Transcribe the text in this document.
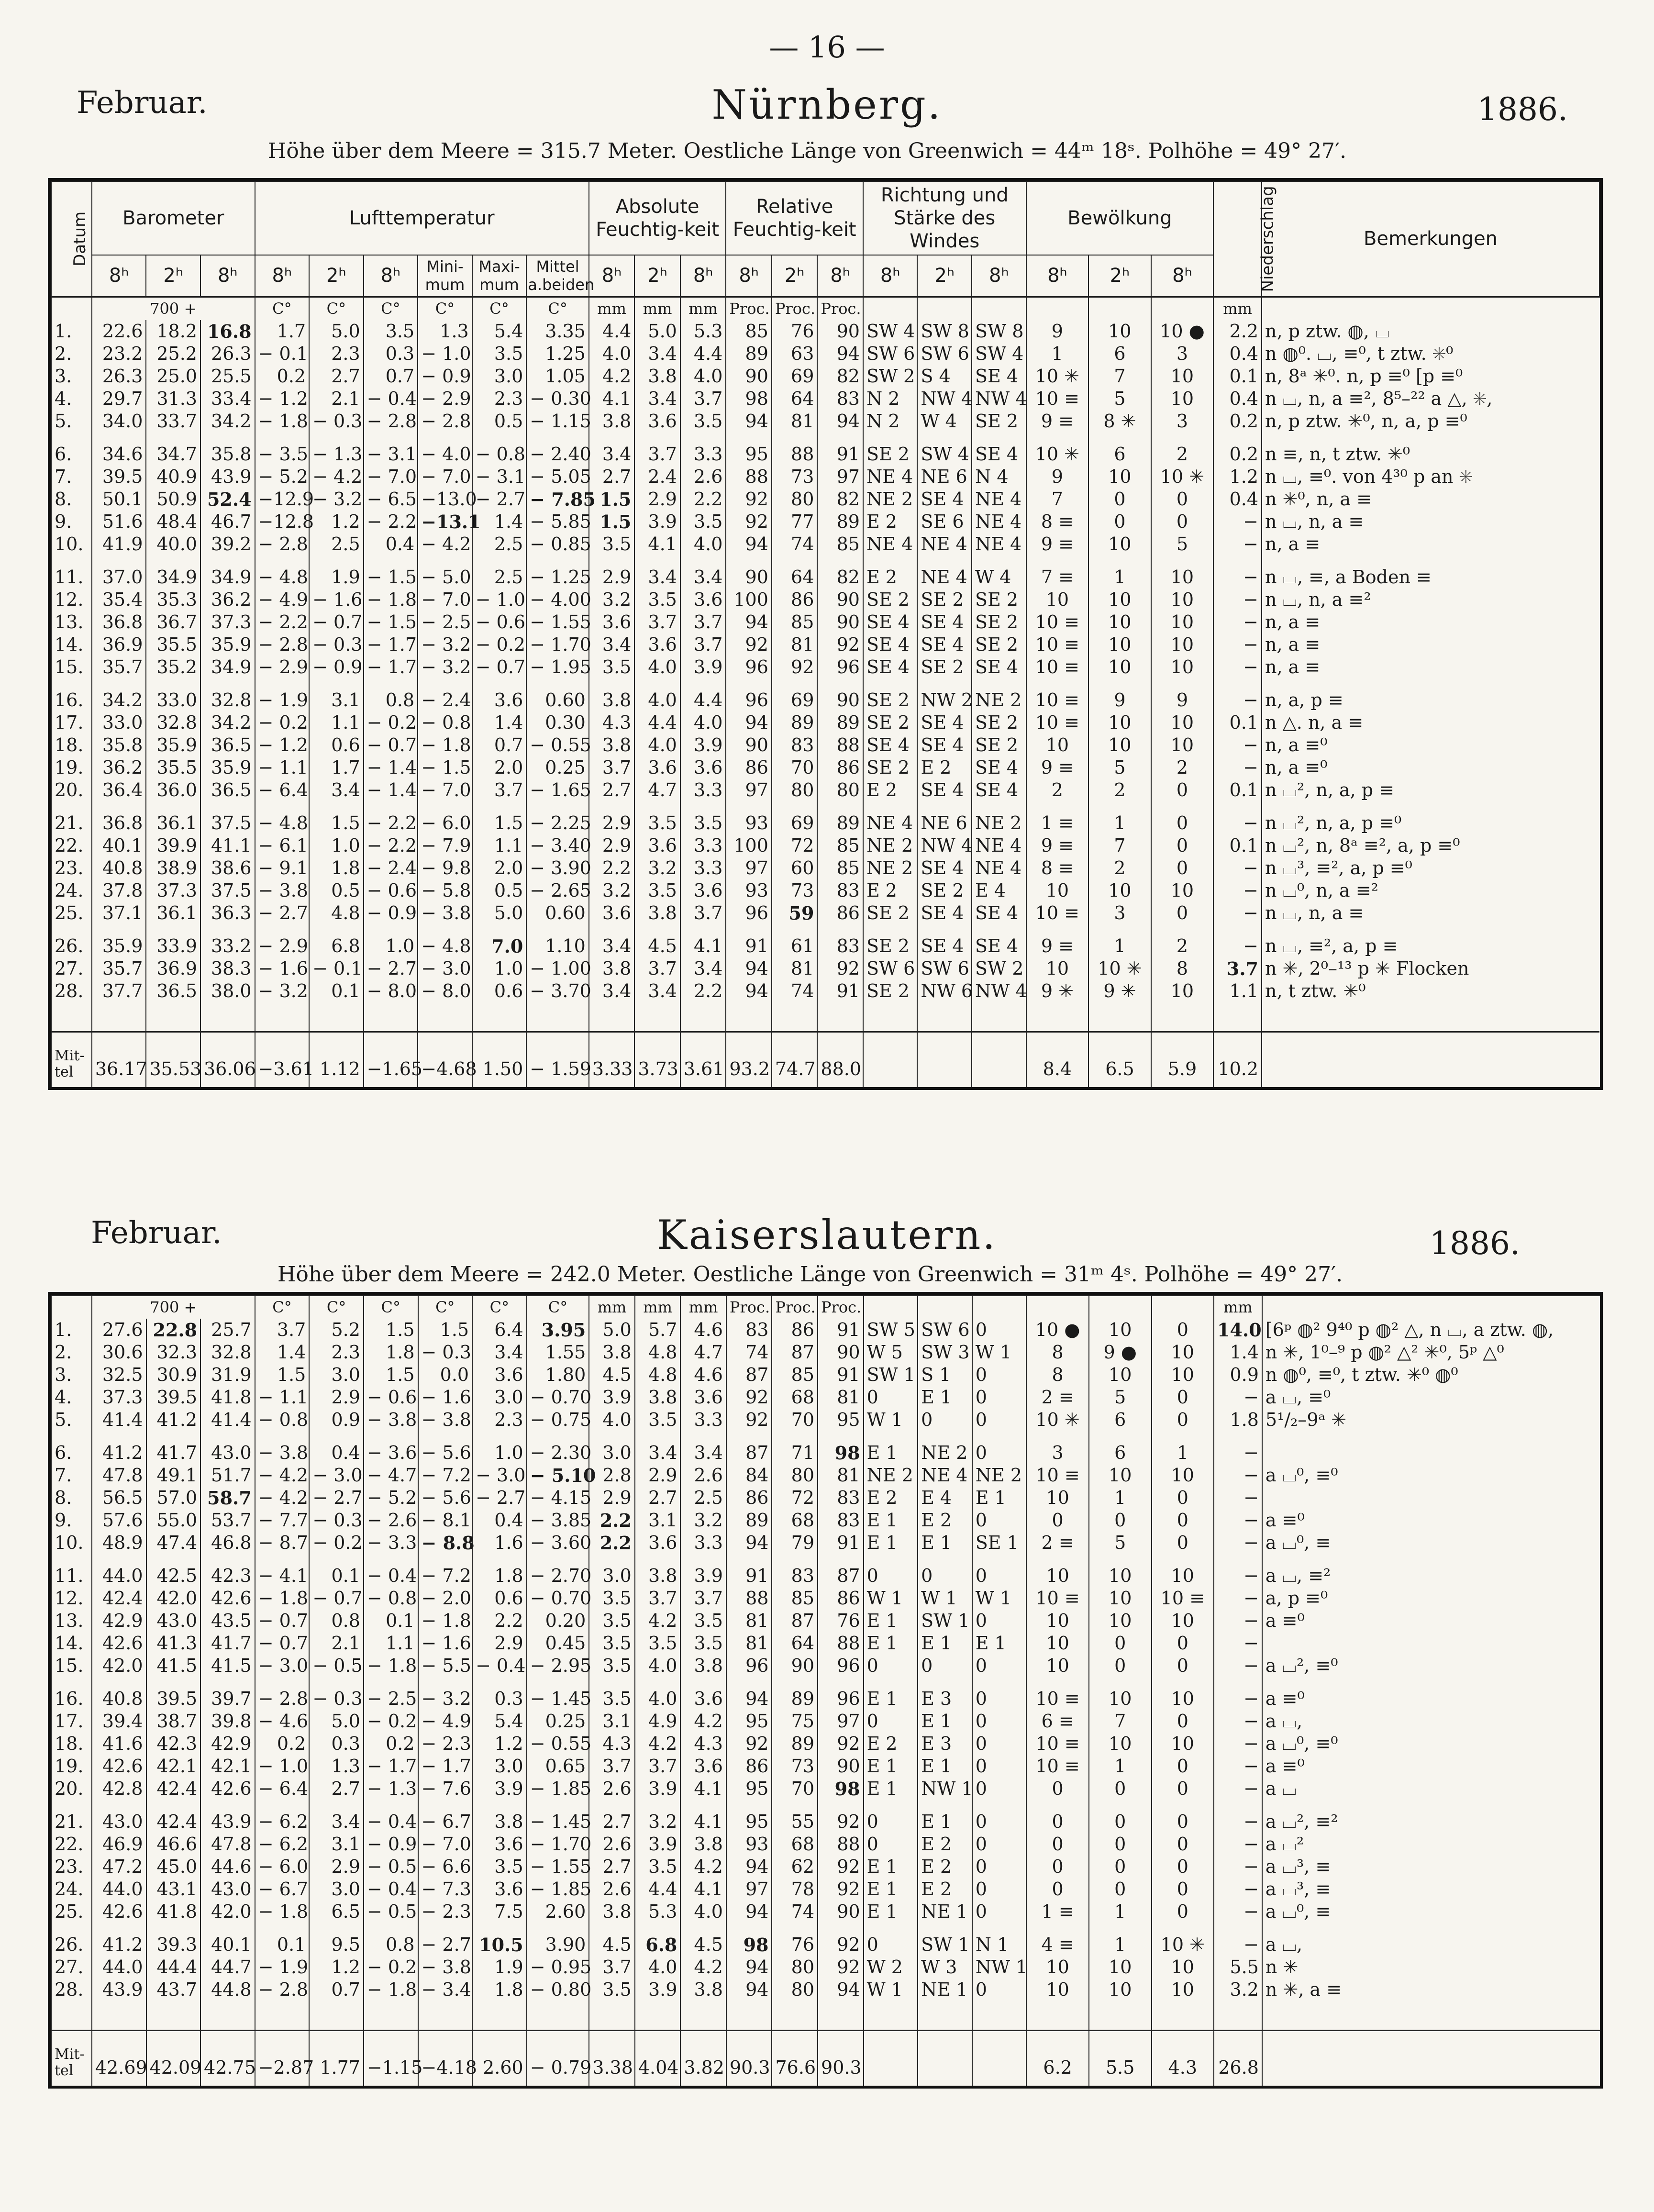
— 16 —
Februar.	Nürnberg.	1886.
Höhe über dem Meere = 315.7 Meter. Oestliche Länge von Greenwich = 44ᵐ 18ˢ. Polhöhe = 49° 27′.
Datum	Barometer			Lufttemperatur						Absolute Feuchtig-keit			Relative Feuchtig-keit			Richtung und Stärke des Windes			Bewölkung			Niederschlag	Bemerkungen
	8ʰ	2ʰ	8ʰ	8ʰ	2ʰ	8ʰ	Mini-mum	Maxi-mum	Mittel a.beiden	8ʰ	2ʰ	8ʰ	8ʰ	2ʰ	8ʰ	8ʰ	2ʰ	8ʰ	8ʰ	2ʰ	8ʰ		
	700 +			C°	C°	C°	C°	C°	C°	mm	mm	mm	Proc.	Proc.	Proc.							mm	
1.	22.6	18.2	16.8	1.7	5.0	3.5	1.3	5.4	3.35	4.4	5.0	5.3	85	76	90	SW 4	SW 8	SW 8	9	10	10 ●	2.2	n, p ztw. ◍, ⌴
2.	23.2	25.2	26.3	− 0.1	2.3	0.3	− 1.0	3.5	1.25	4.0	3.4	4.4	89	63	94	SW 6	SW 6	SW 4	1	6	3	0.4	n ◍⁰. ⌴, ≡⁰, t ztw. ✳⁰
3.	26.3	25.0	25.5	0.2	2.7	0.7	− 0.9	3.0	1.05	4.2	3.8	4.0	90	69	82	SW 2	S 4	SE 4	10 ✳	7	10	0.1	n, 8ᵃ ✳⁰. n, p ≡⁰ [p ≡⁰
4.	29.7	31.3	33.4	− 1.2	2.1	− 0.4	− 2.9	2.3	− 0.30	4.1	3.4	3.7	98	64	83	N 2	NW 4	NW 4	10 ≡	5	10	0.4	n ⌴, n, a ≡², 8⁵–²² a △, ✳,
5.	34.0	33.7	34.2	− 1.8	− 0.3	− 2.8	− 2.8	0.5	− 1.15	3.8	3.6	3.5	94	81	94	N 2	W 4	SE 2	9 ≡	8 ✳	3	0.2	n, p ztw. ✳⁰, n, a, p ≡⁰
6.	34.6	34.7	35.8	− 3.5	− 1.3	− 3.1	− 4.0	− 0.8	− 2.40	3.4	3.7	3.3	95	88	91	SE 2	SW 4	SE 4	10 ✳	6	2	0.2	n ≡, n, t ztw. ✳⁰
7.	39.5	40.9	43.9	− 5.2	− 4.2	− 7.0	− 7.0	− 3.1	− 5.05	2.7	2.4	2.6	88	73	97	NE 4	NE 6	N 4	9	10	10 ✳	1.2	n ⌴, ≡⁰. von 4³⁰ p an ✳
8.	50.1	50.9	52.4	−12.9	− 3.2	− 6.5	−13.0	− 2.7	− 7.85	1.5	2.9	2.2	92	80	82	NE 2	SE 4	NE 4	7	0	0	0.4	n ✳⁰, n, a ≡
9.	51.6	48.4	46.7	−12.8	1.2	− 2.2	−13.1	1.4	− 5.85	1.5	3.9	3.5	92	77	89	E 2	SE 6	NE 4	8 ≡	0	0	−	n ⌴, n, a ≡
10.	41.9	40.0	39.2	− 2.8	2.5	0.4	− 4.2	2.5	− 0.85	3.5	4.1	4.0	94	74	85	NE 4	NE 4	NE 4	9 ≡	10	5	−	n, a ≡
11.	37.0	34.9	34.9	− 4.8	1.9	− 1.5	− 5.0	2.5	− 1.25	2.9	3.4	3.4	90	64	82	E 2	NE 4	W 4	7 ≡	1	10	−	n ⌴, ≡, a Boden ≡
12.	35.4	35.3	36.2	− 4.9	− 1.6	− 1.8	− 7.0	− 1.0	− 4.00	3.2	3.5	3.6	100	86	90	SE 2	SE 2	SE 2	10	10	10	−	n ⌴, n, a ≡²
13.	36.8	36.7	37.3	− 2.2	− 0.7	− 1.5	− 2.5	− 0.6	− 1.55	3.6	3.7	3.7	94	85	90	SE 4	SE 4	SE 2	10 ≡	10	10	−	n, a ≡
14.	36.9	35.5	35.9	− 2.8	− 0.3	− 1.7	− 3.2	− 0.2	− 1.70	3.4	3.6	3.7	92	81	92	SE 4	SE 4	SE 2	10 ≡	10	10	−	n, a ≡
15.	35.7	35.2	34.9	− 2.9	− 0.9	− 1.7	− 3.2	− 0.7	− 1.95	3.5	4.0	3.9	96	92	96	SE 4	SE 2	SE 4	10 ≡	10	10	−	n, a ≡
16.	34.2	33.0	32.8	− 1.9	3.1	0.8	− 2.4	3.6	0.60	3.8	4.0	4.4	96	69	90	SE 2	NW 2	NE 2	10 ≡	9	9	−	n, a, p ≡
17.	33.0	32.8	34.2	− 0.2	1.1	− 0.2	− 0.8	1.4	0.30	4.3	4.4	4.0	94	89	89	SE 2	SE 4	SE 2	10 ≡	10	10	0.1	n △. n, a ≡
18.	35.8	35.9	36.5	− 1.2	0.6	− 0.7	− 1.8	0.7	− 0.55	3.8	4.0	3.9	90	83	88	SE 4	SE 4	SE 2	10	10	10	−	n, a ≡⁰
19.	36.2	35.5	35.9	− 1.1	1.7	− 1.4	− 1.5	2.0	0.25	3.7	3.6	3.6	86	70	86	SE 2	E 2	SE 4	9 ≡	5	2	−	n, a ≡⁰
20.	36.4	36.0	36.5	− 6.4	3.4	− 1.4	− 7.0	3.7	− 1.65	2.7	4.7	3.3	97	80	80	E 2	SE 4	SE 4	2	2	0	0.1	n ⌴², n, a, p ≡
21.	36.8	36.1	37.5	− 4.8	1.5	− 2.2	− 6.0	1.5	− 2.25	2.9	3.5	3.5	93	69	89	NE 4	NE 6	NE 2	1 ≡	1	0	−	n ⌴², n, a, p ≡⁰
22.	40.1	39.9	41.1	− 6.1	1.0	− 2.2	− 7.9	1.1	− 3.40	2.9	3.6	3.3	100	72	85	NE 2	NW 4	NE 4	9 ≡	7	0	0.1	n ⌴², n, 8ᵃ ≡², a, p ≡⁰
23.	40.8	38.9	38.6	− 9.1	1.8	− 2.4	− 9.8	2.0	− 3.90	2.2	3.2	3.3	97	60	85	NE 2	SE 4	NE 4	8 ≡	2	0	−	n ⌴³, ≡², a, p ≡⁰
24.	37.8	37.3	37.5	− 3.8	0.5	− 0.6	− 5.8	0.5	− 2.65	3.2	3.5	3.6	93	73	83	E 2	SE 2	E 4	10	10	10	−	n ⌴⁰, n, a ≡²
25.	37.1	36.1	36.3	− 2.7	4.8	− 0.9	− 3.8	5.0	0.60	3.6	3.8	3.7	96	59	86	SE 2	SE 4	SE 4	10 ≡	3	0	−	n ⌴, n, a ≡
26.	35.9	33.9	33.2	− 2.9	6.8	1.0	− 4.8	7.0	1.10	3.4	4.5	4.1	91	61	83	SE 2	SE 4	SE 4	9 ≡	1	2	−	n ⌴, ≡², a, p ≡
27.	35.7	36.9	38.3	− 1.6	− 0.1	− 2.7	− 3.0	1.0	− 1.00	3.8	3.7	3.4	94	81	92	SW 6	SW 6	SW 2	10	10 ✳	8	3.7	n ✳, 2⁰–¹³ p ✳ Flocken
28.	37.7	36.5	38.0	− 3.2	0.1	− 8.0	− 8.0	0.6	− 3.70	3.4	3.4	2.2	94	74	91	SE 2	NW 6	NW 4	9 ✳	9 ✳	10	1.1	n, t ztw. ✳⁰

Mit-tel	36.17	35.53	36.06	−3.61	1.12	−1.65	−4.68	1.50	− 1.59	3.33	3.73	3.61	93.2	74.7	88.0				8.4	6.5	5.9	10.2	
Februar.	Kaiserslautern.	1886.
Höhe über dem Meere = 242.0 Meter. Oestliche Länge von Greenwich = 31ᵐ 4ˢ. Polhöhe = 49° 27′.
	700 +			C°	C°	C°	C°	C°	C°	mm	mm	mm	Proc.	Proc.	Proc.							mm	
1.	27.6	22.8	25.7	3.7	5.2	1.5	1.5	6.4	3.95	5.0	5.7	4.6	83	86	91	SW 5	SW 6	0	10 ●	10	0	14.0	[6ᵖ ◍² 9⁴⁰ p ◍² △, n ⌴, a ztw. ◍,
2.	30.6	32.3	32.8	1.4	2.3	1.8	− 0.3	3.4	1.55	3.8	4.8	4.7	74	87	90	W 5	SW 3	W 1	8	9 ●	10	1.4	n ✳, 1⁰–⁹ p ◍² △² ✳⁰, 5ᵖ △⁰
3.	32.5	30.9	31.9	1.5	3.0	1.5	0.0	3.6	1.80	4.5	4.8	4.6	87	85	91	SW 1	S 1	0	8	10	10	0.9	n ◍⁰, ≡⁰, t ztw. ✳⁰ ◍⁰
4.	37.3	39.5	41.8	− 1.1	2.9	− 0.6	− 1.6	3.0	− 0.70	3.9	3.8	3.6	92	68	81	0	E 1	0	2 ≡	5	0	−	a ⌴, ≡⁰
5.	41.4	41.2	41.4	− 0.8	0.9	− 3.8	− 3.8	2.3	− 0.75	4.0	3.5	3.3	92	70	95	W 1	0	0	10 ✳	6	0	1.8	5¹/₂–9ᵃ ✳
6.	41.2	41.7	43.0	− 3.8	0.4	− 3.6	− 5.6	1.0	− 2.30	3.0	3.4	3.4	87	71	98	E 1	NE 2	0	3	6	1	−	
7.	47.8	49.1	51.7	− 4.2	− 3.0	− 4.7	− 7.2	− 3.0	− 5.10	2.8	2.9	2.6	84	80	81	NE 2	NE 4	NE 2	10 ≡	10	10	−	a ⌴⁰, ≡⁰
8.	56.5	57.0	58.7	− 4.2	− 2.7	− 5.2	− 5.6	− 2.7	− 4.15	2.9	2.7	2.5	86	72	83	E 2	E 4	E 1	10	1	0	−	
9.	57.6	55.0	53.7	− 7.7	− 0.3	− 2.6	− 8.1	0.4	− 3.85	2.2	3.1	3.2	89	68	83	E 1	E 2	0	0	0	0	−	a ≡⁰
10.	48.9	47.4	46.8	− 8.7	− 0.2	− 3.3	− 8.8	1.6	− 3.60	2.2	3.6	3.3	94	79	91	E 1	E 1	SE 1	2 ≡	5	0	−	a ⌴⁰, ≡
11.	44.0	42.5	42.3	− 4.1	0.1	− 0.4	− 7.2	1.8	− 2.70	3.0	3.8	3.9	91	83	87	0	0	0	10	10	10	−	a ⌴, ≡²
12.	42.4	42.0	42.6	− 1.8	− 0.7	− 0.8	− 2.0	0.6	− 0.70	3.5	3.7	3.7	88	85	86	W 1	W 1	W 1	10 ≡	10	10 ≡	−	a, p ≡⁰
13.	42.9	43.0	43.5	− 0.7	0.8	0.1	− 1.8	2.2	0.20	3.5	4.2	3.5	81	87	76	E 1	SW 1	0	10	10	10	−	a ≡⁰
14.	42.6	41.3	41.7	− 0.7	2.1	1.1	− 1.6	2.9	0.45	3.5	3.5	3.5	81	64	88	E 1	E 1	E 1	10	0	0	−	
15.	42.0	41.5	41.5	− 3.0	− 0.5	− 1.8	− 5.5	− 0.4	− 2.95	3.5	4.0	3.8	96	90	96	0	0	0	10	0	0	−	a ⌴², ≡⁰
16.	40.8	39.5	39.7	− 2.8	− 0.3	− 2.5	− 3.2	0.3	− 1.45	3.5	4.0	3.6	94	89	96	E 1	E 3	0	10 ≡	10	10	−	a ≡⁰
17.	39.4	38.7	39.8	− 4.6	5.0	− 0.2	− 4.9	5.4	0.25	3.1	4.9	4.2	95	75	97	0	E 1	0	6 ≡	7	0	−	a ⌴,
18.	41.6	42.3	42.9	0.2	0.3	0.2	− 2.3	1.2	− 0.55	4.3	4.2	4.3	92	89	92	E 2	E 3	0	10 ≡	10	10	−	a ⌴⁰, ≡⁰
19.	42.6	42.1	42.1	− 1.0	1.3	− 1.7	− 1.7	3.0	0.65	3.7	3.7	3.6	86	73	90	E 1	E 1	0	10 ≡	1	0	−	a ≡⁰
20.	42.8	42.4	42.6	− 6.4	2.7	− 1.3	− 7.6	3.9	− 1.85	2.6	3.9	4.1	95	70	98	E 1	NW 1	0	0	0	0	−	a ⌴
21.	43.0	42.4	43.9	− 6.2	3.4	− 0.4	− 6.7	3.8	− 1.45	2.7	3.2	4.1	95	55	92	0	E 1	0	0	0	0	−	a ⌴², ≡²
22.	46.9	46.6	47.8	− 6.2	3.1	− 0.9	− 7.0	3.6	− 1.70	2.6	3.9	3.8	93	68	88	0	E 2	0	0	0	0	−	a ⌴²
23.	47.2	45.0	44.6	− 6.0	2.9	− 0.5	− 6.6	3.5	− 1.55	2.7	3.5	4.2	94	62	92	E 1	E 2	0	0	0	0	−	a ⌴³, ≡
24.	44.0	43.1	43.0	− 6.7	3.0	− 0.4	− 7.3	3.6	− 1.85	2.6	4.4	4.1	97	78	92	E 1	E 2	0	0	0	0	−	a ⌴³, ≡
25.	42.6	41.8	42.0	− 1.8	6.5	− 0.5	− 2.3	7.5	2.60	3.8	5.3	4.0	94	74	90	E 1	NE 1	0	1 ≡	1	0	−	a ⌴⁰, ≡
26.	41.2	39.3	40.1	0.1	9.5	0.8	− 2.7	10.5	3.90	4.5	6.8	4.5	98	76	92	0	SW 1	N 1	4 ≡	1	10 ✳	−	a ⌴,
27.	44.0	44.4	44.7	− 1.9	1.2	− 0.2	− 3.8	1.9	− 0.95	3.7	4.0	4.2	94	80	92	W 2	W 3	NW 1	10	10	10	5.5	n ✳
28.	43.9	43.7	44.8	− 2.8	0.7	− 1.8	− 3.4	1.8	− 0.80	3.5	3.9	3.8	94	80	94	W 1	NE 1	0	10	10	10	3.2	n ✳, a ≡

Mit-tel	42.69	42.09	42.75	−2.87	1.77	−1.15	−4.18	2.60	− 0.79	3.38	4.04	3.82	90.3	76.6	90.3				6.2	5.5	4.3	26.8	
